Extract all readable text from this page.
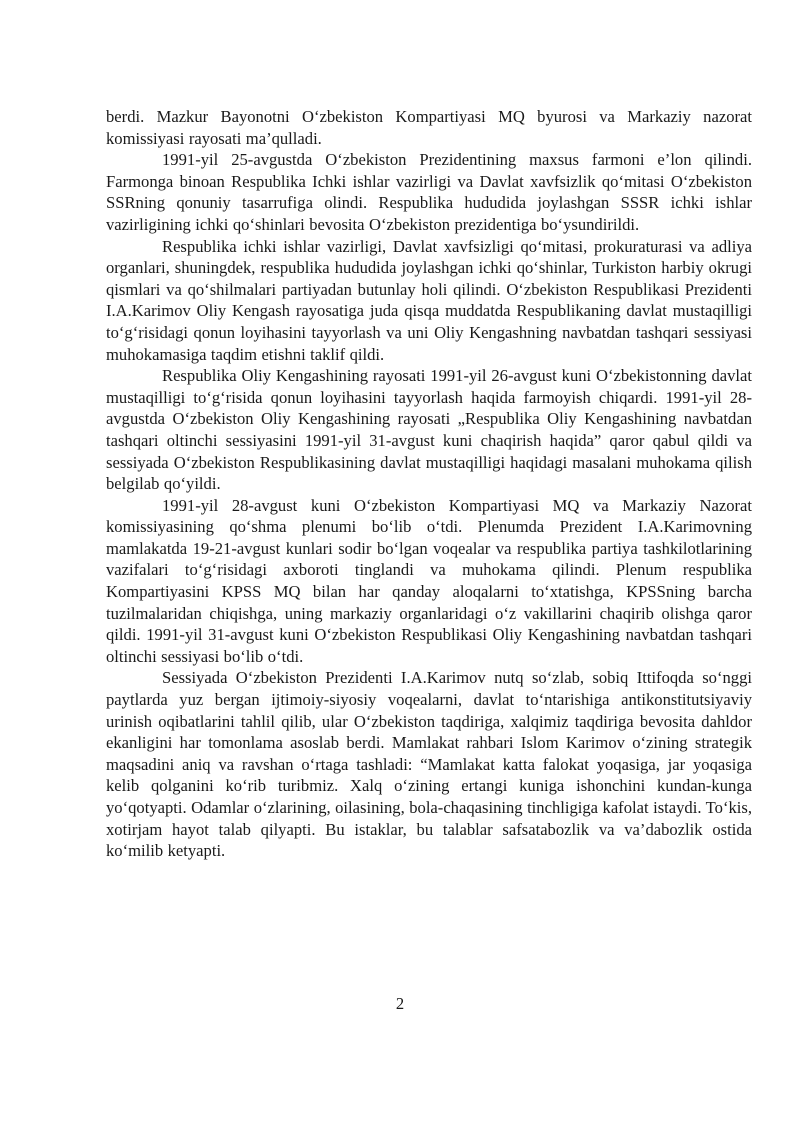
berdi. Mazkur Bayonotni O‘zbekiston Kompartiyasi MQ byurosi va Markaziy nazorat komissiyasi rayosati ma’qulladi.

1991-yil 25-avgustda O‘zbekiston Prezidentining maxsus farmoni e’lon qilindi. Farmonga binoan Respublika Ichki ishlar vazirligi va Davlat xavfsizlik qo‘mitasi O‘zbekiston SSRning qonuniy tasarrufiga olindi. Respublika hududida joylashgan SSSR ichki ishlar vazirligining ichki qo‘shinlari bevosita O‘zbekiston prezidentiga bo‘ysundirildi.

Respublika ichki ishlar vazirligi, Davlat xavfsizligi qo‘mitasi, prokuraturasi va adliya organlari, shuningdek, respublika hududida joylashgan ichki qo‘shinlar, Turkiston harbiy okrugi qismlari va qo‘shilmalari partiyadan butunlay holi qilindi. O‘zbekiston Respublikasi Prezidenti I.A.Karimov Oliy Kengash rayosatiga juda qisqa muddatda Respublikaning davlat mustaqilligi to‘g‘risidagi qonun loyihasini tayyorlash va uni Oliy Kengashning navbatdan tashqari sessiyasi muhokamasiga taqdim etishni taklif qildi.

Respublika Oliy Kengashining rayosati 1991-yil 26-avgust kuni O‘zbekistonning davlat mustaqilligi to‘g‘risida qonun loyihasini tayyorlash haqida farmoyish chiqardi. 1991-yil 28-avgustda O‘zbekiston Oliy Kengashining rayosati „Respublika Oliy Kengashining navbatdan tashqari oltinchi sessiyasini 1991-yil 31-avgust kuni chaqirish haqida” qaror qabul qildi va sessiyada O‘zbekiston Respublikasining davlat mustaqilligi haqidagi masalani muhokama qilish belgilab qo‘yildi.

1991-yil 28-avgust kuni O‘zbekiston Kompartiyasi MQ va Markaziy Nazorat komissiyasining qo‘shma plenumi bo‘lib o‘tdi. Plenumda Prezident I.A.Karimovning mamlakatda 19-21-avgust kunlari sodir bo‘lgan voqealar va respublika partiya tashkilotlarining vazifalari to‘g‘risidagi axboroti tinglandi va muhokama qilindi. Plenum respublika Kompartiyasini KPSS MQ bilan har qanday aloqalarni to‘xtatishga, KPSSning barcha tuzilmalaridan chiqishga, uning markaziy organlaridagi o‘z vakillarini chaqirib olishga qaror qildi. 1991-yil 31-avgust kuni O‘zbekiston Respublikasi Oliy Kengashining navbatdan tashqari oltinchi sessiyasi bo‘lib o‘tdi.

Sessiyada O‘zbekiston Prezidenti I.A.Karimov nutq so‘zlab, sobiq Ittifoqda so‘nggi paytlarda yuz bergan ijtimoiy-siyosiy voqealarni, davlat to‘ntarishiga antikonstitutsiyaviy urinish oqibatlarini tahlil qilib, ular O‘zbekiston taqdiriga, xalqimiz taqdiriga bevosita dahldor ekanligini har tomonlama asoslab berdi. Mamlakat rahbari Islom Karimov o‘zining strategik maqsadini aniq va ravshan o‘rtaga tashladi: “Mamlakat katta falokat yoqasiga, jar yoqasiga kelib qolganini ko‘rib turibmiz. Xalq o‘zining ertangi kuniga ishonchini kundan-kunga yo‘qotyapti. Odamlar o‘zlarining, oilasining, bola-chaqasining tinchligiga kafolat istaydi. To‘kis, xotirjam hayot talab qilyapti. Bu istaklar, bu talablar safsatabozlik va va’dabozlik ostida ko‘milib ketyapti.

2
